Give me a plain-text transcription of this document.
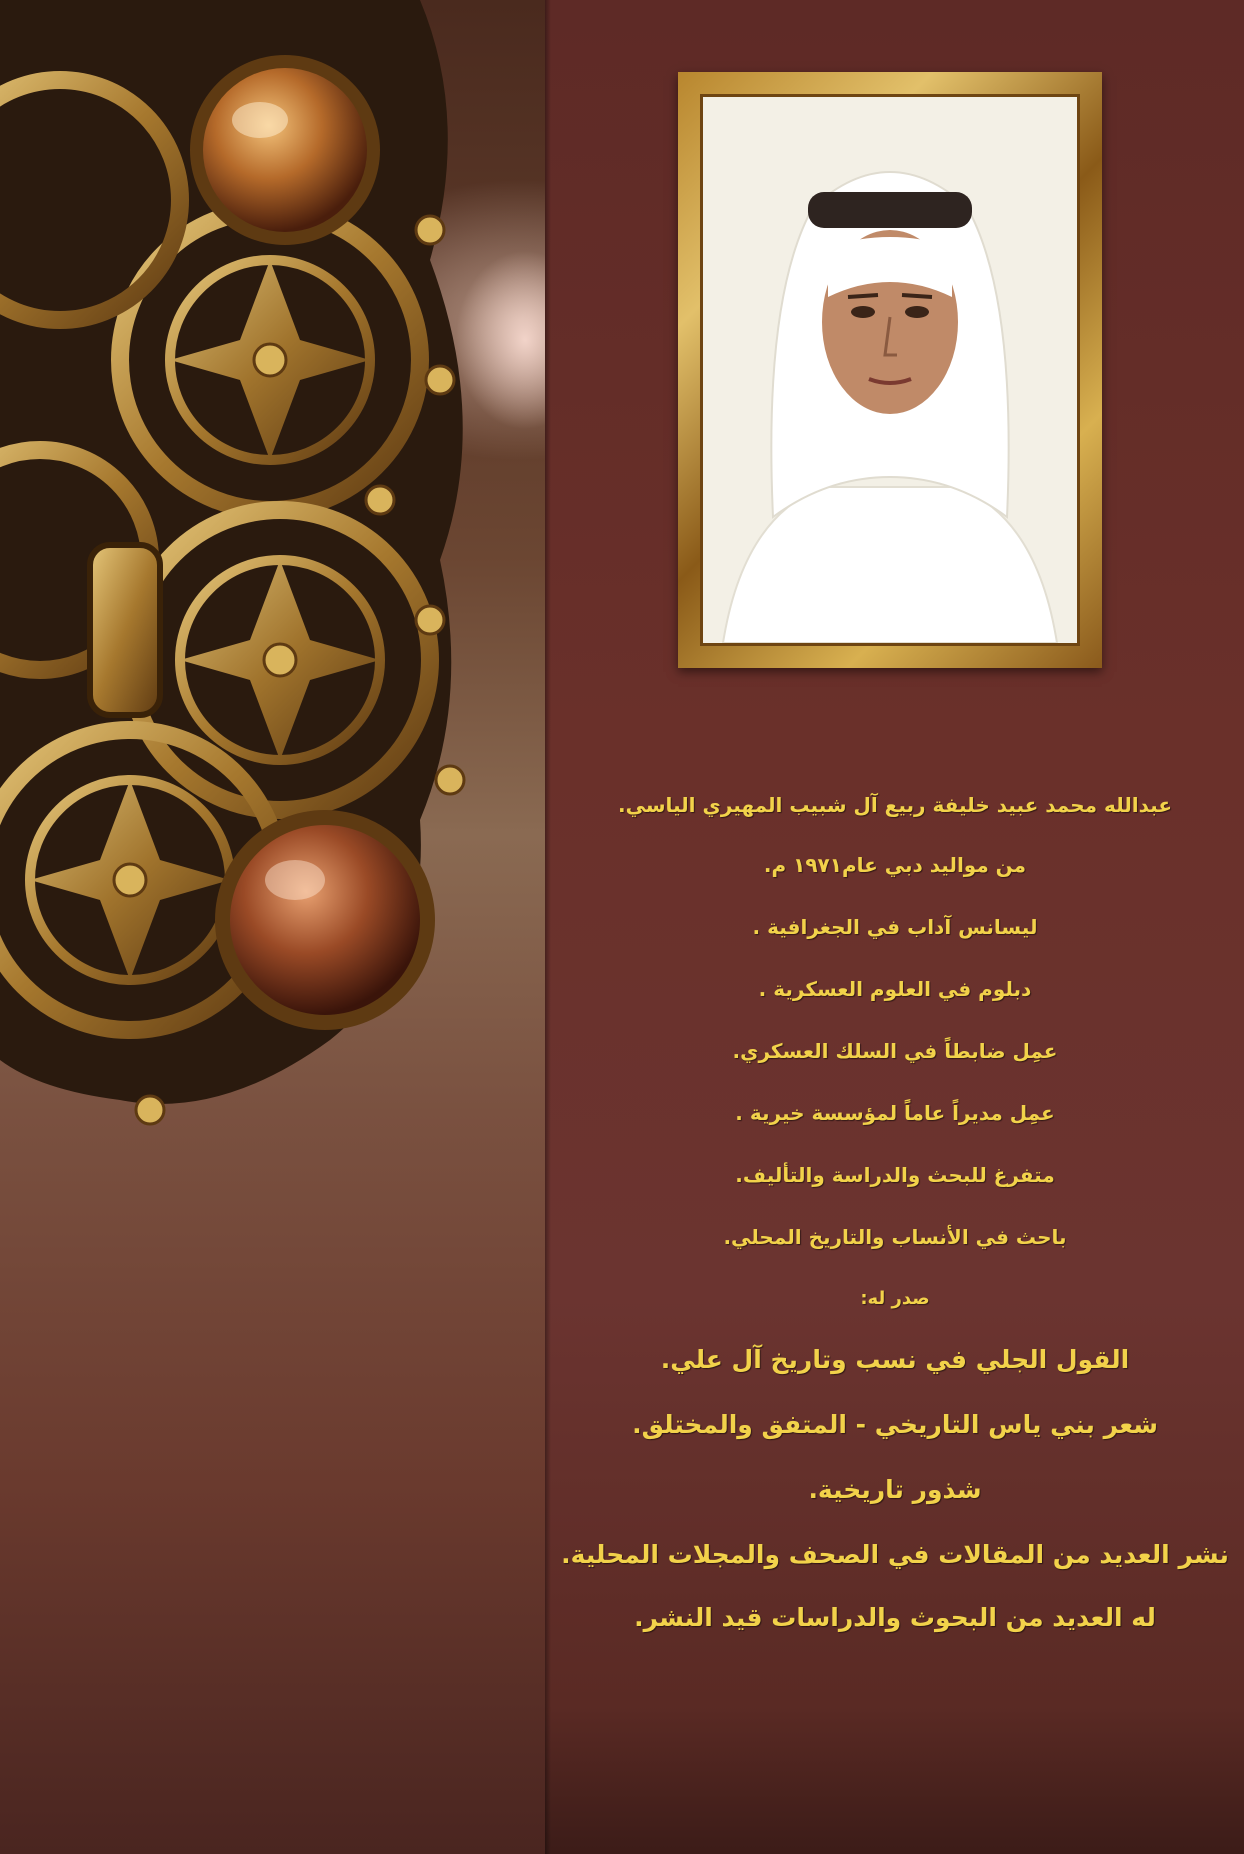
عبدالله محمد عبيد خليفة ربيع آل شبيب المهيري الياسي.
من مواليد دبي عام١٩٧١ م.
ليسانس آداب في الجغرافية .
دبلوم في العلوم العسكرية .
عمِل ضابطاً في السلك العسكري.
عمِل مديراً عاماً لمؤسسة خيرية .
متفرغ للبحث والدراسة والتأليف.
باحث في الأنساب والتاريخ المحلي.
صدر له:
القول الجلي في نسب وتاريخ آل علي.
شعر بني ياس التاريخي - المتفق والمختلق.
شذور تاريخية.
نشر العديد من المقالات في الصحف والمجلات المحلية.
له العديد من البحوث والدراسات قيد النشر.
